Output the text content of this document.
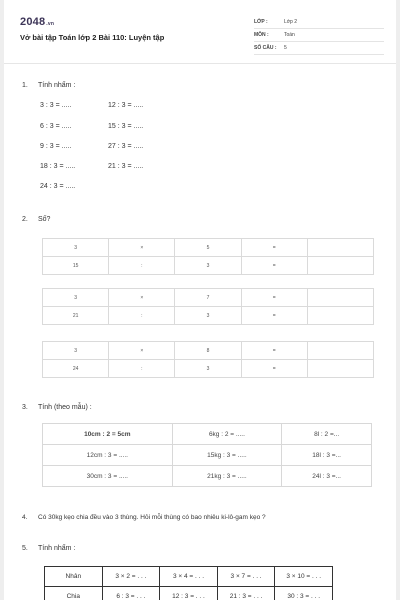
2048.vn
Vở bài tập Toán lớp 2 Bài 110: Luyện tập
LỚP :	Lớp 2
MÔN :	Toán
SỐ CÂU : 5
1. Tính nhẩm :
3 : 3 = .....	12 : 3 = .....
6 : 3 = .....	15 : 3 = .....
9 : 3 = .....	27 : 3 = .....
18 : 3 = .....	21 : 3 = .....
24 : 3 = .....
2. Số?
3	×	5	=	
15	:	3	=	
3	×	7	=	
21	:	3	=	
3	×	8	=	
24	:	3	=	
3. Tính (theo mẫu) :
10cm : 2 = 5cm	6kg : 2 = .....	8l : 2 =...
12cm : 3 = .....	15kg : 3 = .....	18l : 3 =...
30cm : 3 = .....	21kg : 3 = .....	24l : 3 =...
4. Có 30kg kẹo chia đều vào 3 thùng. Hỏi mỗi thùng có bao nhiêu ki-lô-gam kẹo ?
5. Tính nhẩm :
Nhân	3 × 2 = . . .	3 × 4 = . . .	3 × 7 = . . .	3 × 10 = . . .
Chia	6 : 3 = . . .	12 : 3 = . . .	21 : 3 = . . .	30 : 3 = . . .
